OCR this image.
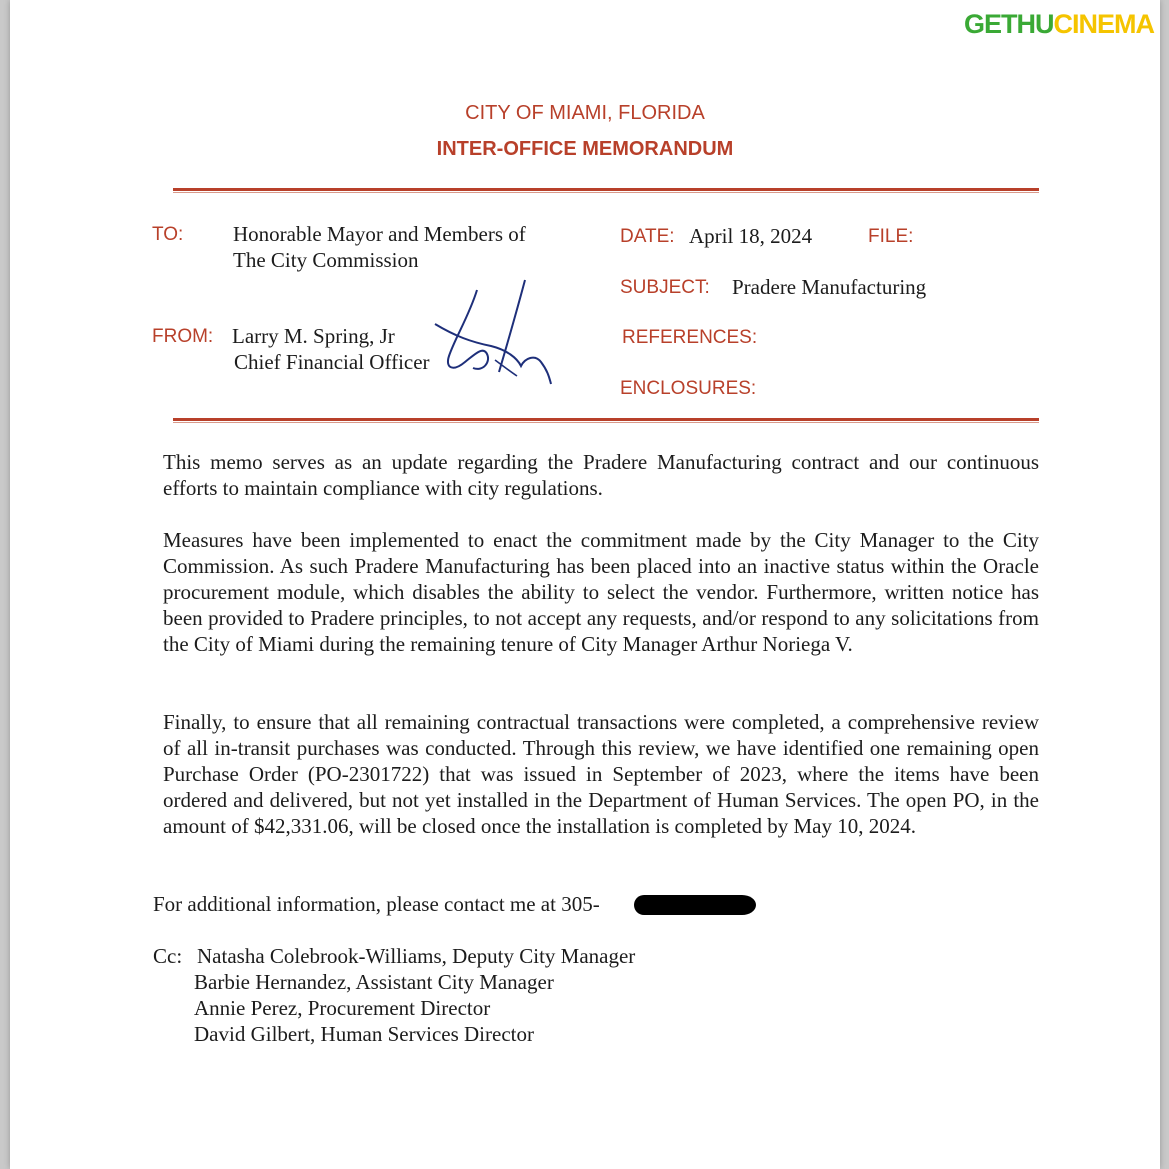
GETHU CINEMA
CITY OF MIAMI, FLORIDA
INTER-OFFICE MEMORANDUM
TO: Honorable Mayor and Members of
The City Commission
FROM: Larry M. Spring, Jr
Chief Financial Officer
DATE: April 18, 2024	FILE:
SUBJECT: Pradere Manufacturing
REFERENCES:
ENCLOSURES:
This memo serves as an update regarding the Pradere Manufacturing contract and our continuous efforts to maintain compliance with city regulations.
Measures have been implemented to enact the commitment made by the City Manager to the City Commission. As such Pradere Manufacturing has been placed into an inactive status within the Oracle procurement module, which disables the ability to select the vendor. Furthermore, written notice has been provided to Pradere principles, to not accept any requests, and/or respond to any solicitations from the City of Miami during the remaining tenure of City Manager Arthur Noriega V.
Finally, to ensure that all remaining contractual transactions were completed, a comprehensive review of all in-transit purchases was conducted. Through this review, we have identified one remaining open Purchase Order (PO-2301722) that was issued in September of 2023, where the items have been ordered and delivered, but not yet installed in the Department of Human Services. The open PO, in the amount of $42,331.06, will be closed once the installation is completed by May 10, 2024.
For additional information, please contact me at 305-
Cc: Natasha Colebrook-Williams, Deputy City Manager
Barbie Hernandez, Assistant City Manager
Annie Perez, Procurement Director
David Gilbert, Human Services Director
